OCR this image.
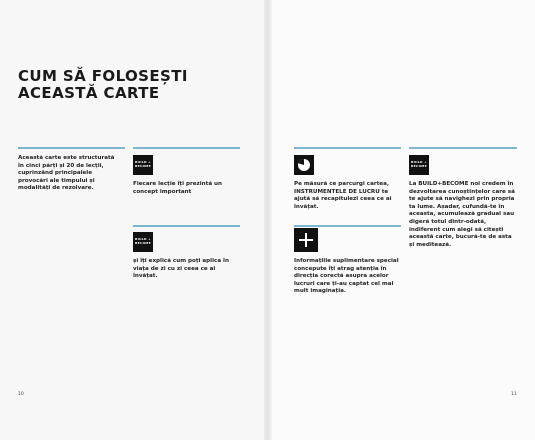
CUM SĂ FOLOSEȘTI
ACEASTĂ CARTE

Această carte este structurată în cinci părți și 20 de lecții, cuprinzând principalele provocări ale timpului și modalități de rezolvare.

BUILD +
BECOME

Fiecare lecție îți prezintă un concept important

BUILD +
BECOME

și îți explică cum poți aplica în viața de zi cu zi ceea ce ai învățat.

Pe măsură ce parcurgi cartea, INSTRUMENTELE DE LUCRU te ajută să recapitulezi ceea ce ai învățat.

Informațiile suplimentare special concepute îți atrag atenția în direcția corectă asupra acelor lucruri care ți-au captat cel mai mult imaginația.

BUILD +
BECOME

La BUILD+BECOME noi credem în dezvoltarea cunoștințelor care să te ajute să navighezi prin propria ta lume. Așadar, cufundă-te în aceasta, acumulează gradual sau digeră totul dintr-odată, indiferent cum alegi să citești această carte, bucură-te de asta și meditează.

10	11
